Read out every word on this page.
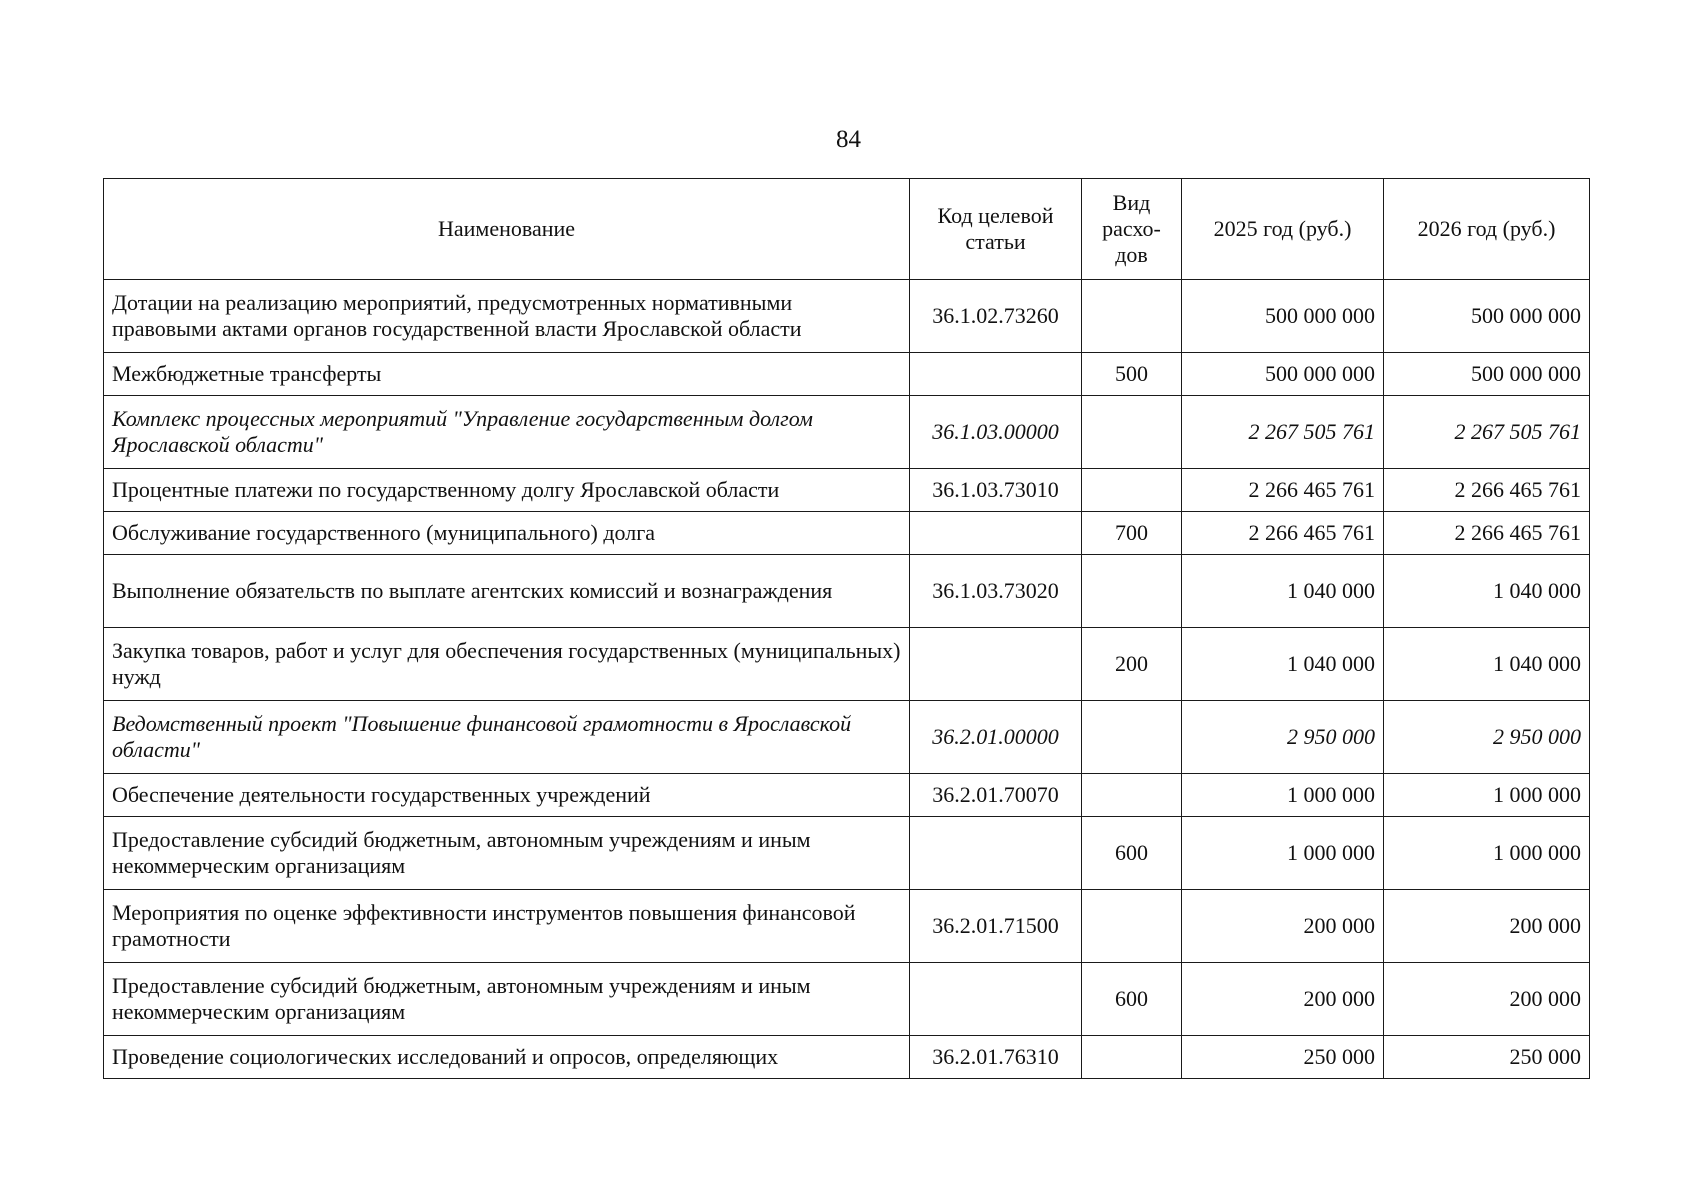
84
Наименование	Код целевой статьи	Вид расхо-дов	2025 год (руб.)	2026 год (руб.)
Дотации на реализацию мероприятий, предусмотренных нормативными правовыми актами органов государственной власти Ярославской области	36.1.02.73260		500 000 000	500 000 000
Межбюджетные трансферты		500	500 000 000	500 000 000
Комплекс процессных мероприятий "Управление государственным долгом Ярославской области"	36.1.03.00000		2 267 505 761	2 267 505 761
Процентные платежи по государственному долгу Ярославской области	36.1.03.73010		2 266 465 761	2 266 465 761
Обслуживание государственного (муниципального) долга		700	2 266 465 761	2 266 465 761
Выполнение обязательств по выплате агентских комиссий и вознаграждения	36.1.03.73020		1 040 000	1 040 000
Закупка товаров, работ и услуг для обеспечения государственных (муниципальных) нужд		200	1 040 000	1 040 000
Ведомственный проект "Повышение финансовой грамотности в Ярославской области"	36.2.01.00000		2 950 000	2 950 000
Обеспечение деятельности государственных учреждений	36.2.01.70070		1 000 000	1 000 000
Предоставление субсидий бюджетным, автономным учреждениям и иным некоммерческим организациям		600	1 000 000	1 000 000
Мероприятия по оценке эффективности инструментов повышения финансовой грамотности	36.2.01.71500		200 000	200 000
Предоставление субсидий бюджетным, автономным учреждениям и иным некоммерческим организациям		600	200 000	200 000
Проведение социологических исследований и опросов, определяющих	36.2.01.76310		250 000	250 000
